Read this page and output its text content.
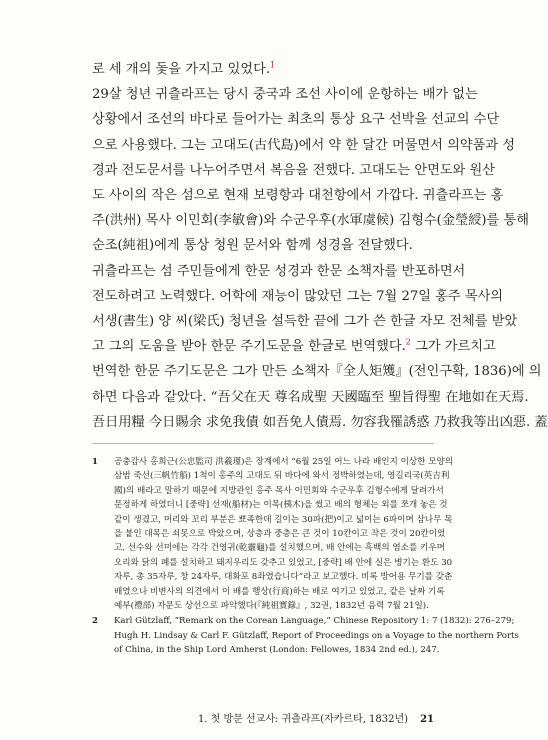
로 세 개의 돛을 가지고 있었다.$^1$

29살 청년 귀츨라프는 당시 중국과 조선 사이에 운항하는 배가 없는

상황에서 조선의 바다로 들어가는 최초의 통상 요구 선박을 선교의 수단

으로 사용했다. 그는 고대도(古代島)에서 약 한 달간 머물면서 의약품과 성

경과 전도문서를 나누어주면서 복음을 전했다. 고대도는 안면도와 원산

도 사이의 작은 섬으로 현재 보령항과 대천항에서 가깝다. 귀츨라프는 홍

주(洪州) 목사 이민회(李敏會)와 수군우후(水軍虞候) 김형수(金瑩綬)를 통해

순조(純祖)에게 통상 청원 문서와 함께 성경을 전달했다.

귀츨라프는 섬 주민들에게 한문 성경과 한문 소책자를 반포하면서

전도하려고 노력했다. 어학에 재능이 많았던 그는 7월 27일 홍주 목사의

서생(書生) 양 씨(梁氏) 청년을 설득한 끝에 그가 쓴 한글 자모 전체를 받았

고 그의 도움을 받아 한문 주기도문을 한글로 번역했다.$^2$ 그가 가르치고

번역한 한문 주기도문은 그가 만든 소책자『全人矩矱』(전인구확, 1836)에 의

하면 다음과 같았다. “吾父在天 尊名成聖 天國臨至 聖旨得聖 在地如在天焉.

吾日用糧 今日賜余 求免我債 如吾免人債焉. 勿容我罹誘惑 乃救我等出凶惡. 蓋

1 공충감사 홍희근(公忠監司 洪羲瑾)은 장계에서 “6월 25일 어느 나라 배인지 이상한 모양의
삼범 죽선(三帆竹船) 1척이 홍주의 고대도 뒤 바다에 와서 정박하였는데, 영길리국(英吉利
國)의 배라고 말하기 때문에 지방관인 홍주 목사 이민회와 수군우후 김형수에게 달려가서
문정하게 하였더니 [중략] 선재(船材)는 이목(桋木)을 썼고 배의 형체는 외를 쪼개 놓은 것
같이 생겼고, 머리와 꼬리 부분은 뾰족한데 길이는 30파(把)이고 넓이는 6파이며 삼나무 목
을 붙인 대목은 쇠못으로 박았으며, 상층과 중층은 큰 것이 10칸이고 작은 것이 20칸이었
고, 선수와 선미에는 각각 건영귀(乾靈龜)를 설치했으며, 배 안에는 흑백의 염소를 키우며
오리와 닭의 폐를 설치하고 돼지우리도 갖추고 있었고, [중략] 배 안에 실은 병기는 환도 30
자루, 총 35자루, 창 24자루, 대화포 8좌였습니다”라고 보고했다. 비록 방어용 무기를 갖춘
배였으나 비변사의 의견에서 이 배를 행상(行商)하는 배로 여기고 있었고, 같은 날짜 기록
예부(禮部) 자문도 상선으로 파악했다(『純祖實錄』, 32권, 1832년 음력 7월 21일).
2 Karl Gützlaff, “Remark on the Corean Language,” Chinese Repository 1: 7 (1832): 276–279;
Hugh H. Lindsay & Carl F. Gützlaff, Report of Proceedings on a Voyage to the northern Ports
of China, in the Ship Lord Amherst (London: Fellowes, 1834 2nd ed.), 247.
1. 첫 방문 선교사: 귀츨라프(자카르타, 1832년) 21
